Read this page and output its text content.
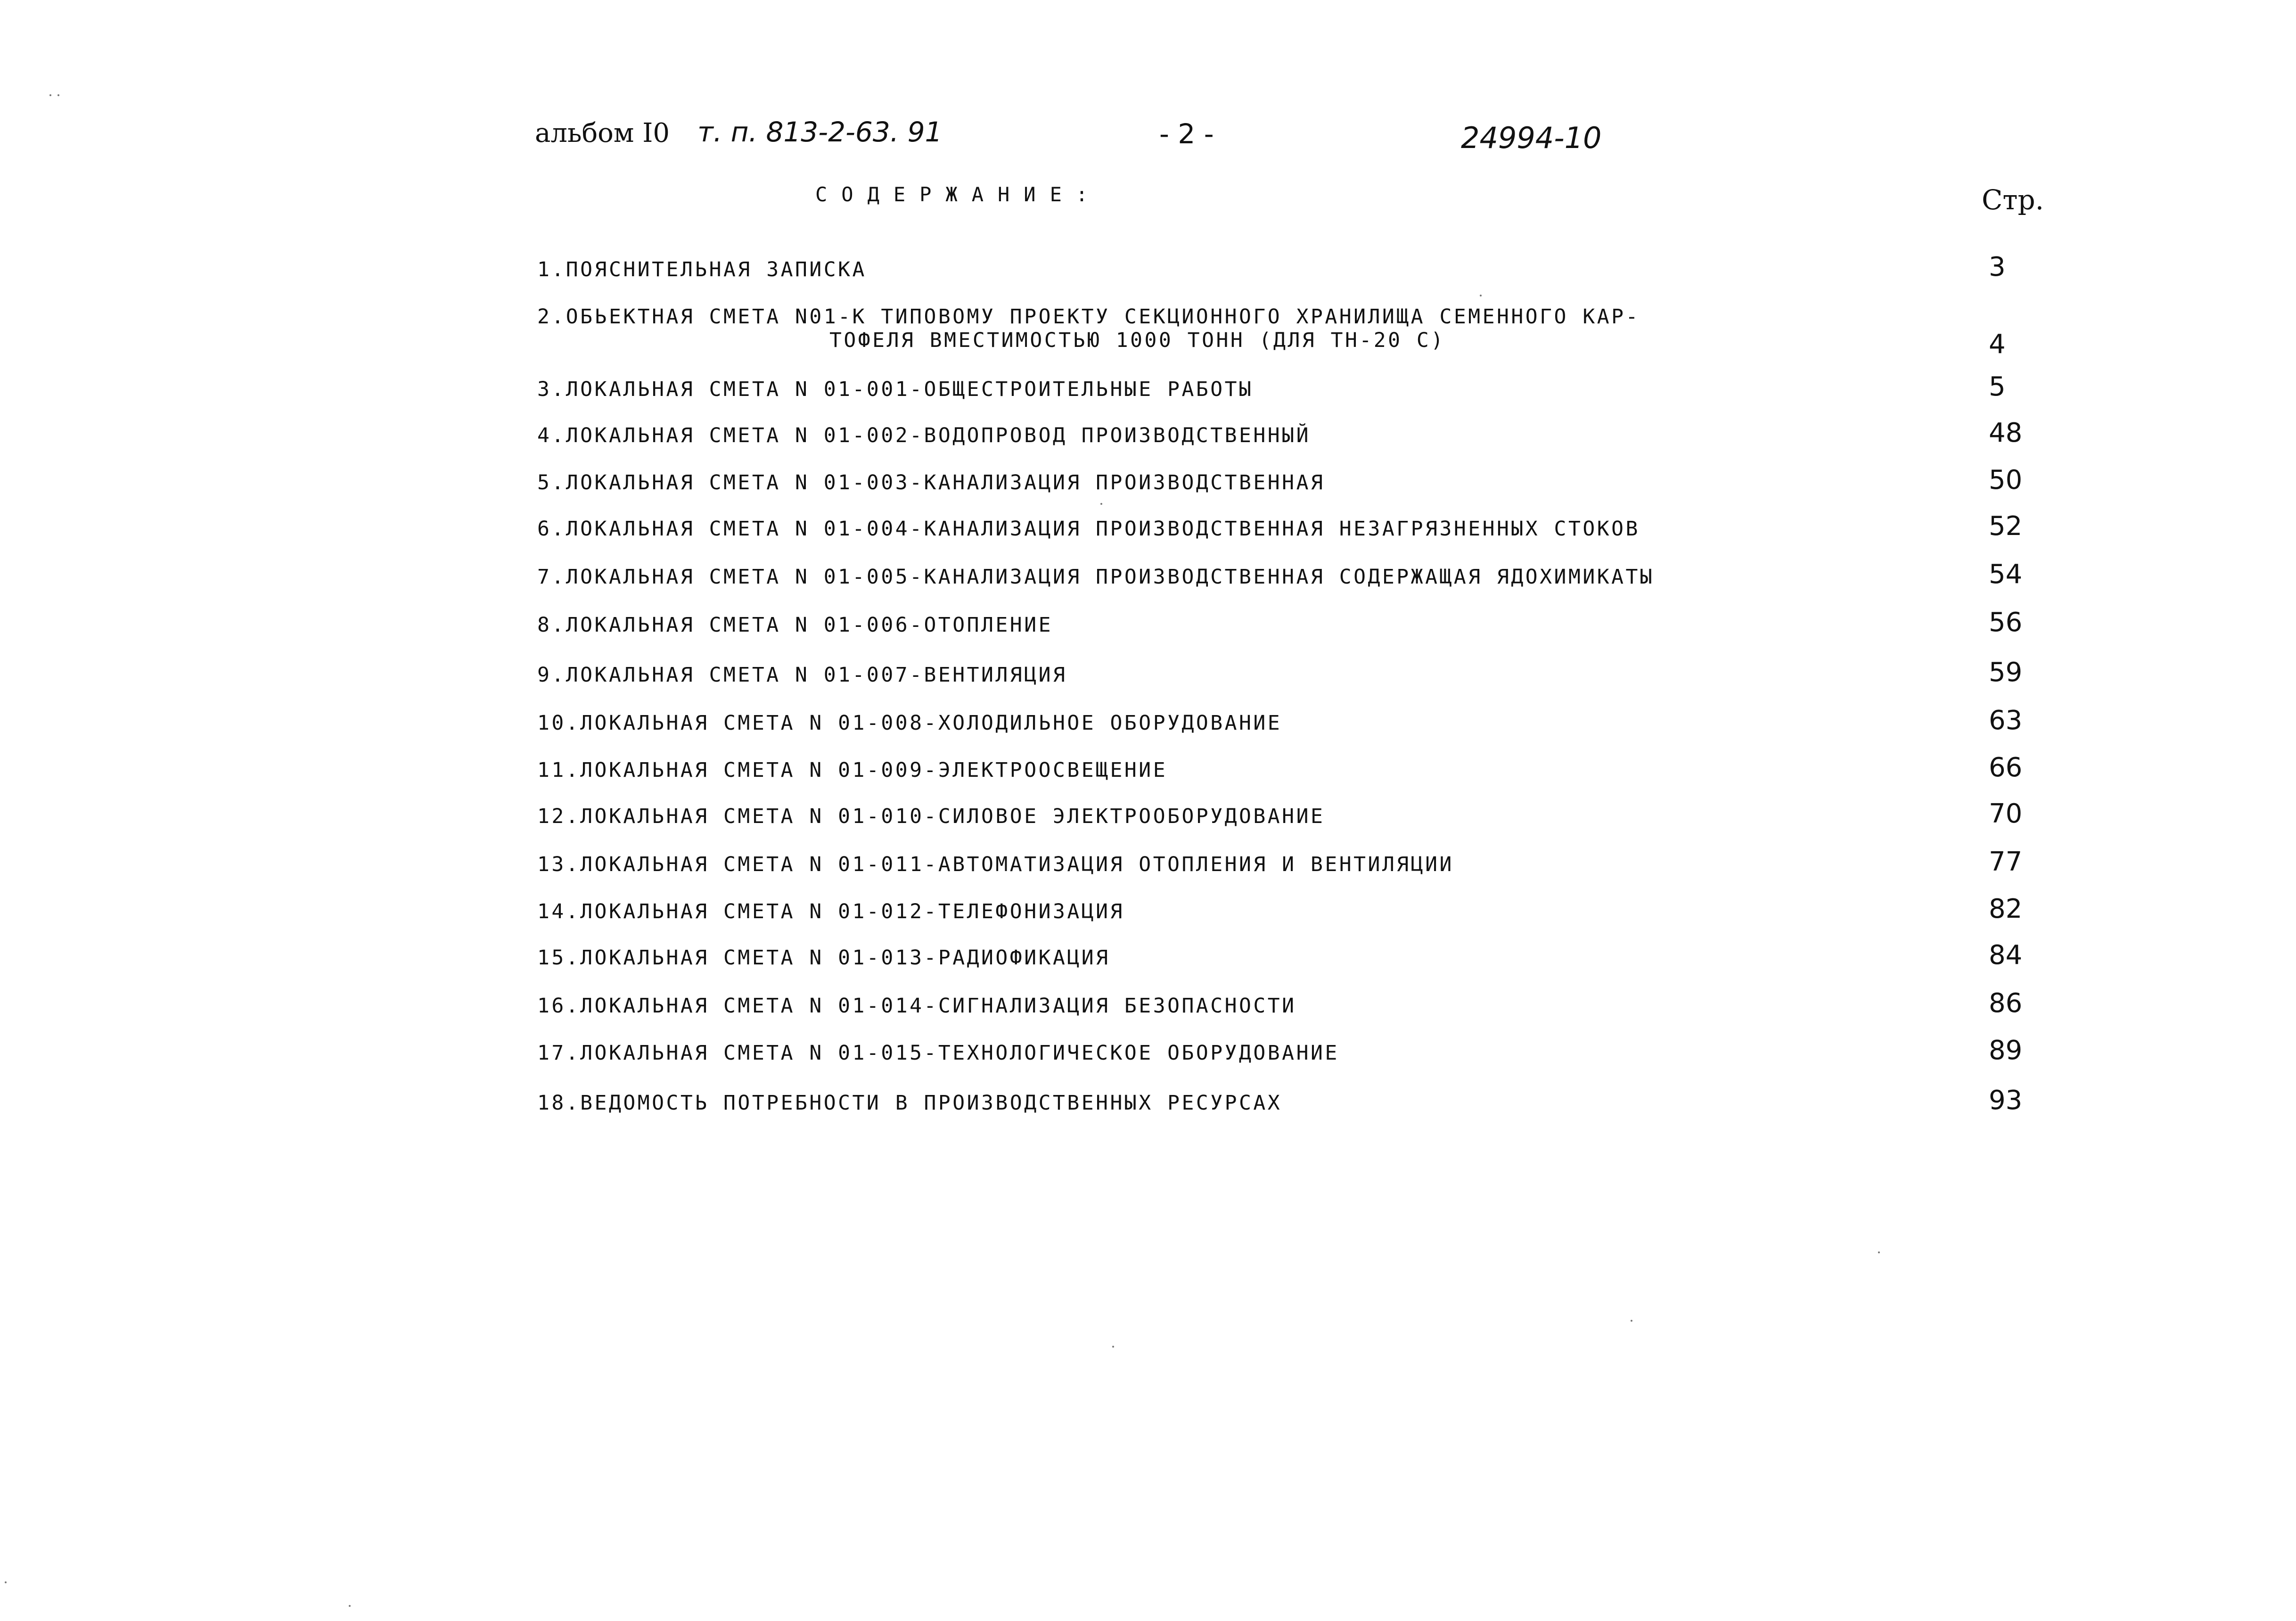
альбом I0 т. п. 813-2-63. 91	- 2 -	24994-10
СОДЕРЖАНИЕ:	Стр.
1.ПОЯСНИТЕЛЬНАЯ ЗАПИСКА	3
2.ОБЬЕКТНАЯ СМЕТА N01-К ТИПОВОМУ ПРОЕКТУ СЕКЦИОННОГО ХРАНИЛИЩА СЕМЕННОГО КАР-
ТОФЕЛЯ ВМЕСТИМОСТЬЮ 1000 ТОНН (ДЛЯ ТН-20 С)	4
3.ЛОКАЛЬНАЯ СМЕТА N 01-001-ОБЩЕСТРОИТЕЛЬНЫЕ РАБОТЫ	5
4.ЛОКАЛЬНАЯ СМЕТА N 01-002-ВОДОПРОВОД ПРОИЗВОДСТВЕННЫЙ	48
5.ЛОКАЛЬНАЯ СМЕТА N 01-003-КАНАЛИЗАЦИЯ ПРОИЗВОДСТВЕННАЯ	50
6.ЛОКАЛЬНАЯ СМЕТА N 01-004-КАНАЛИЗАЦИЯ ПРОИЗВОДСТВЕННАЯ НЕЗАГРЯЗНЕННЫХ СТОКОВ	52
7.ЛОКАЛЬНАЯ СМЕТА N 01-005-КАНАЛИЗАЦИЯ ПРОИЗВОДСТВЕННАЯ СОДЕРЖАЩАЯ ЯДОХИМИКАТЫ	54
8.ЛОКАЛЬНАЯ СМЕТА N 01-006-ОТОПЛЕНИЕ	56
9.ЛОКАЛЬНАЯ СМЕТА N 01-007-ВЕНТИЛЯЦИЯ	59
10.ЛОКАЛЬНАЯ СМЕТА N 01-008-ХОЛОДИЛЬНОЕ ОБОРУДОВАНИЕ	63
11.ЛОКАЛЬНАЯ СМЕТА N 01-009-ЭЛЕКТРООСВЕЩЕНИЕ	66
12.ЛОКАЛЬНАЯ СМЕТА N 01-010-СИЛОВОЕ ЭЛЕКТРООБОРУДОВАНИЕ	70
13.ЛОКАЛЬНАЯ СМЕТА N 01-011-АВТОМАТИЗАЦИЯ ОТОПЛЕНИЯ И ВЕНТИЛЯЦИИ	77
14.ЛОКАЛЬНАЯ СМЕТА N 01-012-ТЕЛЕФОНИЗАЦИЯ	82
15.ЛОКАЛЬНАЯ СМЕТА N 01-013-РАДИОФИКАЦИЯ	84
16.ЛОКАЛЬНАЯ СМЕТА N 01-014-СИГНАЛИЗАЦИЯ БЕЗОПАСНОСТИ	86
17.ЛОКАЛЬНАЯ СМЕТА N 01-015-ТЕХНОЛОГИЧЕСКОЕ ОБОРУДОВАНИЕ	89
18.ВЕДОМОСТЬ ПОТРЕБНОСТИ В ПРОИЗВОДСТВЕННЫХ РЕСУРСАХ	93
